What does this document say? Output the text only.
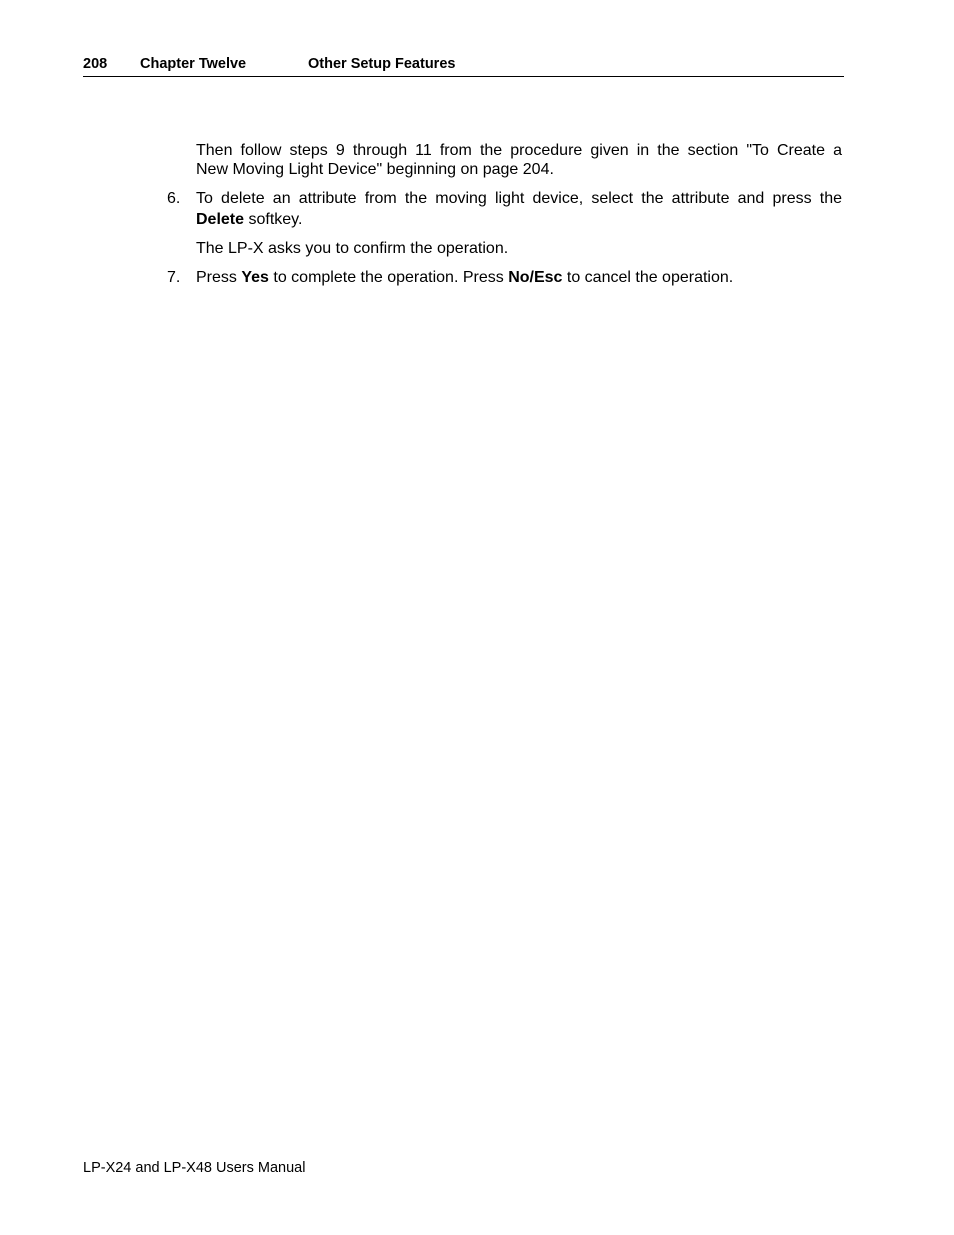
208 Chapter Twelve	Other Setup Features
Then follow steps 9 through 11 from the procedure given in the section "To Create a
New Moving Light Device" beginning on page 204.
6. To delete an attribute from the moving light device, select the attribute and press the
Delete softkey.
The LP-X asks you to confirm the operation.
7. Press Yes to complete the operation. Press No/Esc to cancel the operation.
LP-X24 and LP-X48 Users Manual
